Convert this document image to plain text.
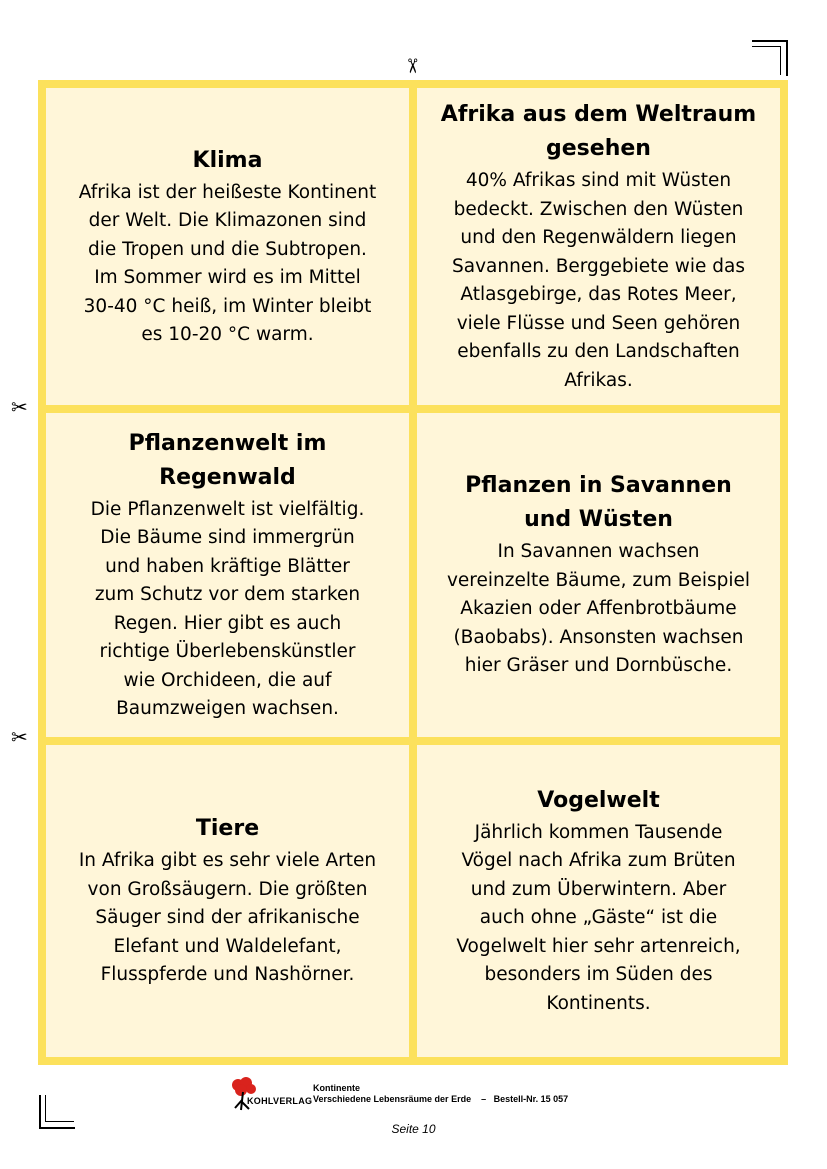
✂
✂
✂
Klima
Afrika ist der heißeste Kontinent
der Welt. Die Klimazonen sind
die Tropen und die Subtropen.
Im Sommer wird es im Mittel
30-40 °C heiß, im Winter bleibt
es 10-20 °C warm.
Afrika aus dem Weltraum
gesehen
40% Afrikas sind mit Wüsten
bedeckt. Zwischen den Wüsten
und den Regenwäldern liegen
Savannen. Berggebiete wie das
Atlasgebirge, das Rotes Meer,
viele Flüsse und Seen gehören
ebenfalls zu den Landschaften
Afrikas.
Pflanzenwelt im
Regenwald
Die Pflanzenwelt ist vielfältig.
Die Bäume sind immergrün
und haben kräftige Blätter
zum Schutz vor dem starken
Regen. Hier gibt es auch
richtige Überlebenskünstler
wie Orchideen, die auf
Baumzweigen wachsen.
Pflanzen in Savannen
und Wüsten
In Savannen wachsen
vereinzelte Bäume, zum Beispiel
Akazien oder Affenbrotbäume
(Baobabs). Ansonsten wachsen
hier Gräser und Dornbüsche.
Tiere
In Afrika gibt es sehr viele Arten
von Großsäugern. Die größten
Säuger sind der afrikanische
Elefant und Waldelefant,
Flusspferde und Nashörner.
Vogelwelt
Jährlich kommen Tausende
Vögel nach Afrika zum Brüten
und zum Überwintern. Aber
auch ohne „Gäste“ ist die
Vogelwelt hier sehr artenreich,
besonders im Süden des
Kontinents.
KOHLVERLAG
Kontinente
Verschiedene Lebensräume der Erde    –   Bestell-Nr. 15 057
Seite 10
